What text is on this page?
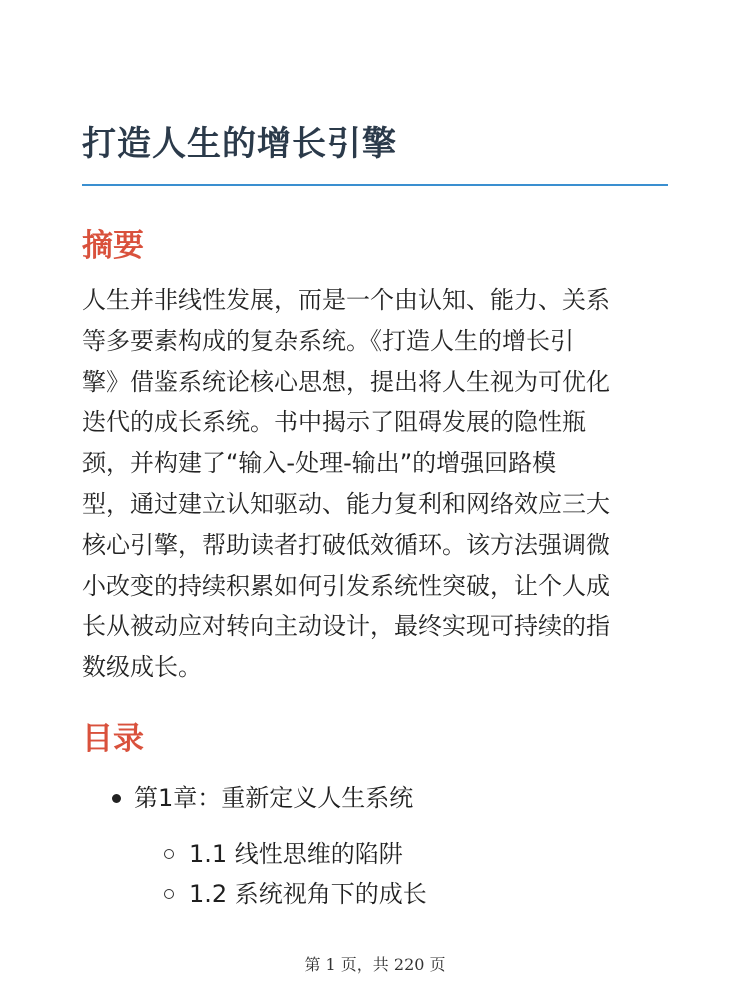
打造人生的增长引擎
摘要

人生并非线性发展，而是一个由认知、能力、关系
等多要素构成的复杂系统。《打造人生的增长引
擎》借鉴系统论核心思想，提出将人生视为可优化
迭代的成长系统。书中揭示了阻碍发展的隐性瓶
颈，并构建了“输入-处理-输出”的增强回路模
型，通过建立认知驱动、能力复利和网络效应三大
核心引擎，帮助读者打破低效循环。该方法强调微
小改变的持续积累如何引发系统性突破，让个人成
长从被动应对转向主动设计，最终实现可持续的指
数级成长。

目录
第1章：重新定义人生系统
1.1 线性思维的陷阱
1.2 系统视角下的成长
第 1 页，共 220 页
